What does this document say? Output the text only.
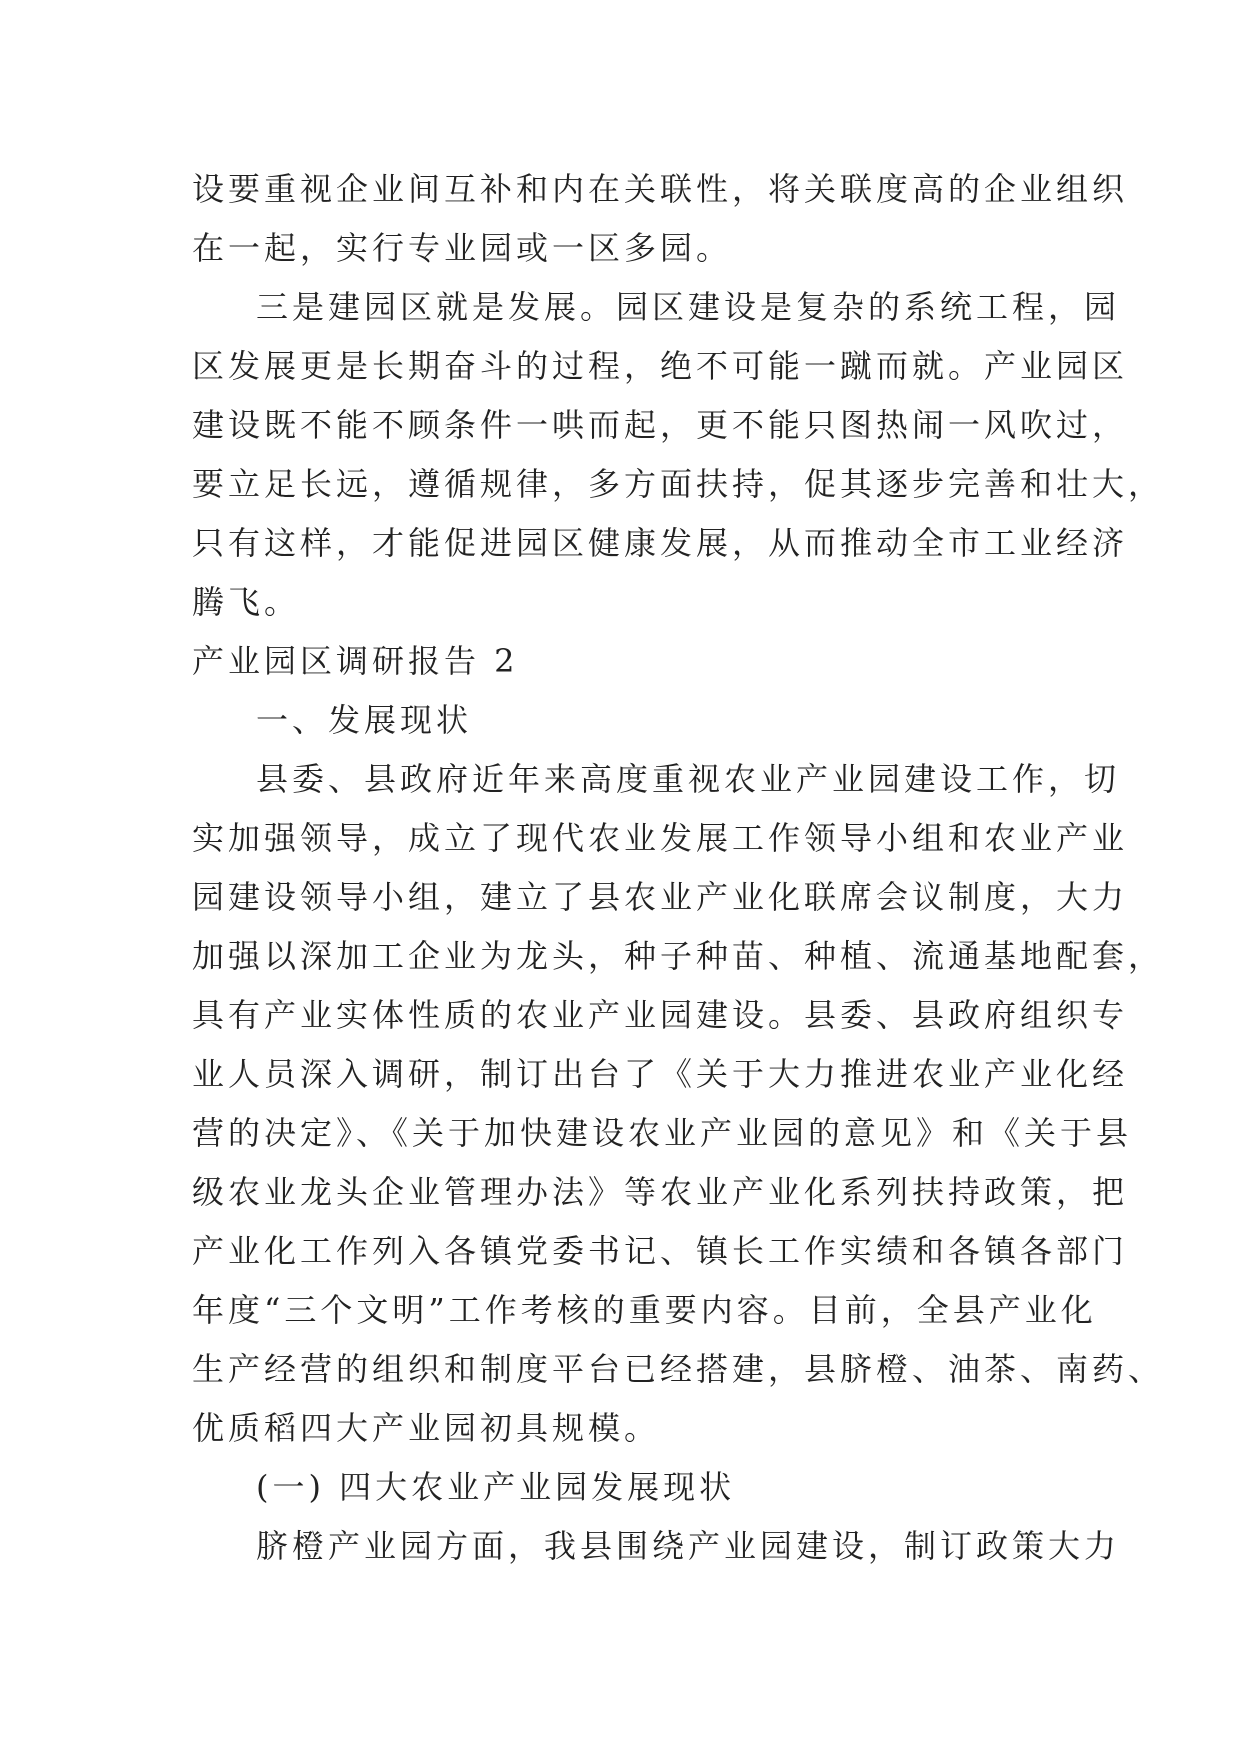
设要重视企业间互补和内在关联性，将关联度高的企业组织
在一起，实行专业园或一区多园。
三是建园区就是发展。园区建设是复杂的系统工程，园
区发展更是长期奋斗的过程，绝不可能一蹴而就。产业园区
建设既不能不顾条件一哄而起，更不能只图热闹一风吹过，
要立足长远，遵循规律，多方面扶持，促其逐步完善和壮大，
只有这样，才能促进园区健康发展，从而推动全市工业经济
腾飞。
产业园区调研报告 2
一、发展现状
县委、县政府近年来高度重视农业产业园建设工作，切
实加强领导，成立了现代农业发展工作领导小组和农业产业
园建设领导小组，建立了县农业产业化联席会议制度，大力
加强以深加工企业为龙头，种子种苗、种植、流通基地配套，
具有产业实体性质的农业产业园建设。县委、县政府组织专
业人员深入调研，制订出台了《关于大力推进农业产业化经
营的决定》、《关于加快建设农业产业园的意见》和《关于县
级农业龙头企业管理办法》等农业产业化系列扶持政策，把
产业化工作列入各镇党委书记、镇长工作实绩和各镇各部门
年度“三个文明”工作考核的重要内容。目前，全县产业化
生产经营的组织和制度平台已经搭建，县脐橙、油茶、南药、
优质稻四大产业园初具规模。
(一) 四大农业产业园发展现状
脐橙产业园方面，我县围绕产业园建设，制订政策大力
